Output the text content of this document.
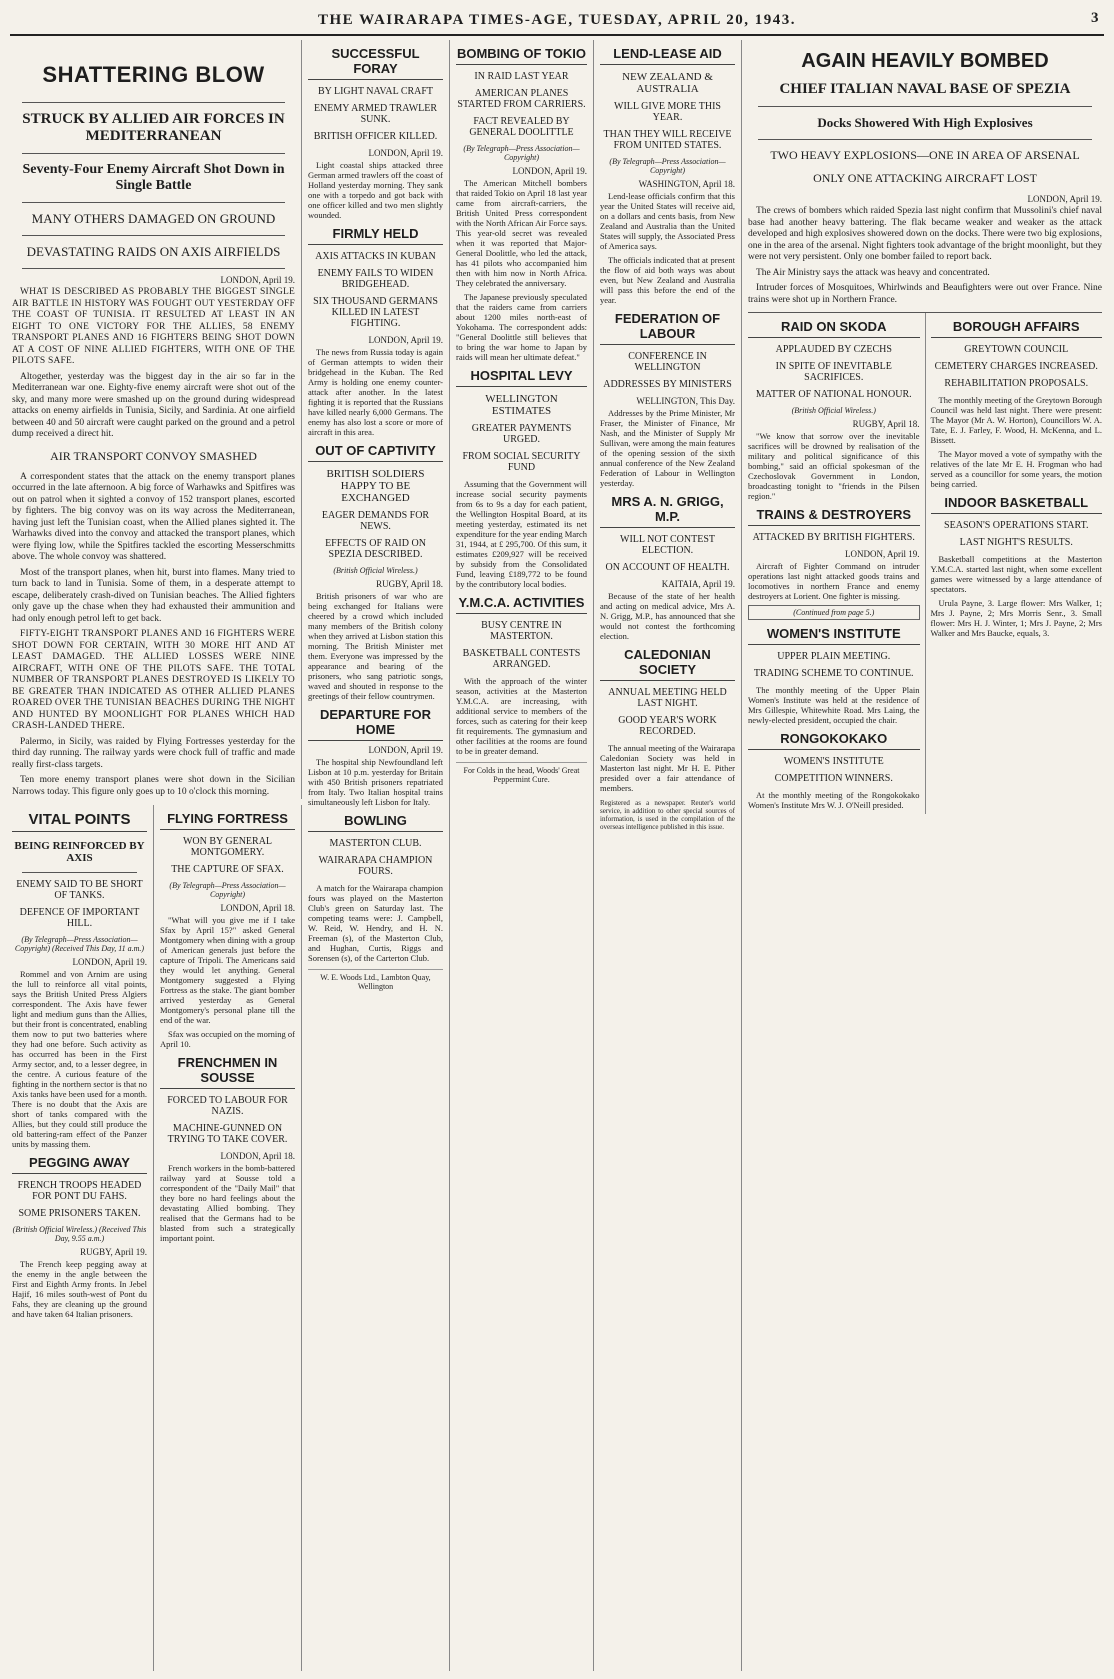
THE WAIRARAPA TIMES-AGE, TUESDAY, APRIL 20, 1943.	3
SHATTERING BLOW
STRUCK BY ALLIED AIR FORCES IN MEDITERRANEAN
Seventy-Four Enemy Aircraft Shot Down in Single Battle
MANY OTHERS DAMAGED ON GROUND
DEVASTATING RAIDS ON AXIS AIRFIELDS
LONDON, April 19.

WHAT IS DESCRIBED AS PROBABLY THE BIGGEST SINGLE AIR BATTLE IN HISTORY WAS FOUGHT OUT YESTERDAY OFF THE COAST OF TUNISIA. IT RESULTED AT LEAST IN AN EIGHT TO ONE VICTORY FOR THE ALLIES, 58 ENEMY TRANSPORT PLANES AND 16 FIGHTERS BEING SHOT DOWN AT A COST OF NINE ALLIED FIGHTERS, WITH ONE OF THE PILOTS SAFE.

Altogether, yesterday was the biggest day in the air so far in the Mediterranean war one. Eighty-five enemy aircraft were shot out of the sky, and many more were smashed up on the ground during widespread attacks on enemy airfields in Tunisia, Sicily, and Sardinia. At one airfield between 40 and 50 aircraft were caught parked on the ground and a petrol dump received a direct hit.

AIR TRANSPORT CONVOY SMASHED

A correspondent states that the attack on the enemy transport planes occurred in the late afternoon. A big force of Warhawks and Spitfires was out on patrol when it sighted a convoy of 152 transport planes, escorted by fighters. The big convoy was on its way across the Mediterranean, having just left the Tunisian coast, when the Allied planes sighted it. The Warhawks dived into the convoy and attacked the transport planes, which were flying low, while the Spitfires tackled the escorting Messerschmitts above. The whole convoy was shattered.

Most of the transport planes, when hit, burst into flames. Many tried to turn back to land in Tunisia. Some of them, in a desperate attempt to escape, deliberately crash-dived on Tunisian beaches. The Allied fighters only gave up the chase when they had exhausted their ammunition and had only enough petrol left to get back.

FIFTY-EIGHT TRANSPORT PLANES AND 16 FIGHTERS WERE SHOT DOWN FOR CERTAIN, WITH 30 MORE HIT AND AT LEAST DAMAGED. THE ALLIED LOSSES WERE NINE AIRCRAFT, WITH ONE OF THE PILOTS SAFE. THE TOTAL NUMBER OF TRANSPORT PLANES DESTROYED IS LIKELY TO BE GREATER THAN INDICATED AS OTHER ALLIED PLANES ROARED OVER THE TUNISIAN BEACHES DURING THE NIGHT AND HUNTED BY MOONLIGHT FOR PLANES WHICH HAD CRASH-LANDED THERE.

Palermo, in Sicily, was raided by Flying Fortresses yesterday for the third day running. The railway yards were chock full of traffic and made really first-class targets.

Ten more enemy transport planes were shot down in the Sicilian Narrows today. This figure only goes up to 10 o'clock this morning.

VITAL POINTS
BEING REINFORCED BY AXIS
ENEMY SAID TO BE SHORT OF TANKS.
DEFENCE OF IMPORTANT HILL.
(By Telegraph—Press Association—Copyright) (Received This Day, 11 a.m.)
LONDON, April 19.

Rommel and von Arnim are using the lull to reinforce all vital points, says the British United Press Algiers correspondent. The Axis have fewer light and medium guns than the Allies, but their front is concentrated, enabling them now to put two batteries where they had one before. Such activity as has occurred has been in the First Army sector, and, to a lesser degree, in the centre. A curious feature of the fighting in the northern sector is that no Axis tanks have been used for a month. There is no doubt that the Axis are short of tanks compared with the Allies, but they could still produce the old battering-ram effect of the Panzer units by massing them.

PEGGING AWAY
FRENCH TROOPS HEADED FOR PONT DU FAHS.
SOME PRISONERS TAKEN.
(British Official Wireless.) (Received This Day, 9.55 a.m.)
RUGBY, April 19.

The French keep pegging away at the enemy in the angle between the First and Eighth Army fronts. In Jebel Hajif, 16 miles south-west of Pont du Fahs, they are cleaning up the ground and have taken 64 Italian prisoners.

FLYING FORTRESS
WON BY GENERAL MONTGOMERY.
THE CAPTURE OF SFAX.
(By Telegraph—Press Association—Copyright)
LONDON, April 18.

"What will you give me if I take Sfax by April 15?" asked General Montgomery when dining with a group of American generals just before the capture of Tripoli. The Americans said they would let anything. General Montgomery suggested a Flying Fortress as the stake. The giant bomber arrived yesterday as General Montgomery's personal plane till the end of the war.

Sfax was occupied on the morning of April 10.

FRENCHMEN IN SOUSSE
FORCED TO LABOUR FOR NAZIS.
MACHINE-GUNNED ON TRYING TO TAKE COVER.
LONDON, April 18.

French workers in the bomb-battered railway yard at Sousse told a correspondent of the "Daily Mail" that they bore no hard feelings about the devastating Allied bombing. They realised that the Germans had to be blasted from such a strategically important point.

SUCCESSFUL FORAY
BY LIGHT NAVAL CRAFT
ENEMY ARMED TRAWLER SUNK.
BRITISH OFFICER KILLED.
LONDON, April 19.

Light coastal ships attacked three German armed trawlers off the coast of Holland yesterday morning. They sank one with a torpedo and got back with one officer killed and two men slightly wounded.

FIRMLY HELD
AXIS ATTACKS IN KUBAN
ENEMY FAILS TO WIDEN BRIDGEHEAD.
SIX THOUSAND GERMANS KILLED IN LATEST FIGHTING.
LONDON, April 19.

The news from Russia today is again of German attempts to widen their bridgehead in the Kuban. The Red Army is holding one enemy counter-attack after another. In the latest fighting it is reported that the Russians have killed nearly 6,000 Germans. The enemy has also lost a score or more of aircraft in this area.

OUT OF CAPTIVITY
BRITISH SOLDIERS HAPPY TO BE EXCHANGED
EAGER DEMANDS FOR NEWS.
EFFECTS OF RAID ON SPEZIA DESCRIBED.
(British Official Wireless.)
RUGBY, April 18.

British prisoners of war who are being exchanged for Italians were cheered by a crowd which included many members of the British colony when they arrived at Lisbon station this morning. The British Minister met them. Everyone was impressed by the appearance and bearing of the prisoners, who sang patriotic songs, waved and shouted in response to the greetings of their fellow countrymen.

DEPARTURE FOR HOME
LONDON, April 19.

The hospital ship Newfoundland left Lisbon at 10 p.m. yesterday for Britain with 450 British prisoners repatriated from Italy. Two Italian hospital trains simultaneously left Lisbon for Italy.

BOWLING
MASTERTON CLUB.
WAIRARAPA CHAMPION FOURS.

A match for the Wairarapa champion fours was played on the Masterton Club's green on Saturday last. The competing teams were: J. Campbell, W. Reid, W. Hendry, and H. N. Freeman (s), of the Masterton Club, and Hughan, Curtis, Riggs and Sorensen (s), of the Carterton Club.

W. E. Woods Ltd., Lambton Quay, Wellington
BOMBING OF TOKIO
IN RAID LAST YEAR
AMERICAN PLANES STARTED FROM CARRIERS.
FACT REVEALED BY GENERAL DOOLITTLE
(By Telegraph—Press Association—Copyright)
LONDON, April 19.

The American Mitchell bombers that raided Tokio on April 18 last year came from aircraft-carriers, the British United Press correspondent with the North African Air Force says. This year-old secret was revealed when it was reported that Major-General Doolittle, who led the attack, has 41 pilots who accompanied him then with him now in North Africa. They celebrated the anniversary.

The Japanese previously speculated that the raiders came from carriers about 1200 miles north-east of Yokohama. The correspondent adds: "General Doolittle still believes that to bring the war home to Japan by raids will mean her ultimate defeat."

HOSPITAL LEVY
WELLINGTON ESTIMATES
GREATER PAYMENTS URGED.
FROM SOCIAL SECURITY FUND

Assuming that the Government will increase social security payments from 6s to 9s a day for each patient, the Wellington Hospital Board, at its meeting yesterday, estimated its net expenditure for the year ending March 31, 1944, at £ 295,700. Of this sum, it estimates £209,927 will be received by subsidy from the Consolidated Fund, leaving £189,772 to be found by the contributory local bodies.

Y.M.C.A. ACTIVITIES
BUSY CENTRE IN MASTERTON.
BASKETBALL CONTESTS ARRANGED.

With the approach of the winter season, activities at the Masterton Y.M.C.A. are increasing, with additional service to members of the forces, such as catering for their keep fit requirements. The gymnasium and other facilities at the rooms are found to be in greater demand.

For Colds in the head, Woods' Great Peppermint Cure.
LEND-LEASE AID
NEW ZEALAND & AUSTRALIA
WILL GIVE MORE THIS YEAR.
THAN THEY WILL RECEIVE FROM UNITED STATES.
(By Telegraph—Press Association—Copyright)
WASHINGTON, April 18.

Lend-lease officials confirm that this year the United States will receive aid, on a dollars and cents basis, from New Zealand and Australia than the United States will supply, the Associated Press of America says.

The officials indicated that at present the flow of aid both ways was about even, but New Zealand and Australia will pass this before the end of the year.

FEDERATION OF LABOUR
CONFERENCE IN WELLINGTON
ADDRESSES BY MINISTERS
WELLINGTON, This Day.

Addresses by the Prime Minister, Mr Fraser, the Minister of Finance, Mr Nash, and the Minister of Supply Mr Sullivan, were among the main features of the opening session of the sixth annual conference of the New Zealand Federation of Labour in Wellington yesterday.

MRS A. N. GRIGG, M.P.
WILL NOT CONTEST ELECTION.
ON ACCOUNT OF HEALTH.
KAITAIA, April 19.

Because of the state of her health and acting on medical advice, Mrs A. N. Grigg, M.P., has announced that she would not contest the forthcoming election.

CALEDONIAN SOCIETY
ANNUAL MEETING HELD LAST NIGHT.
GOOD YEAR'S WORK RECORDED.

The annual meeting of the Wairarapa Caledonian Society was held in Masterton last night. Mr H. E. Pither presided over a fair attendance of members.

Registered as a newspaper. Reuter's world service, in addition to other special sources of information, is used in the compilation of the overseas intelligence published in this issue.
AGAIN HEAVILY BOMBED
CHIEF ITALIAN NAVAL BASE OF SPEZIA
Docks Showered With High Explosives
TWO HEAVY EXPLOSIONS—ONE IN AREA OF ARSENAL
ONLY ONE ATTACKING AIRCRAFT LOST
LONDON, April 19.

The crews of bombers which raided Spezia last night confirm that Mussolini's chief naval base had another heavy battering. The flak became weaker and weaker as the attack developed and high explosives showered down on the docks. There were two big explosions, one in the area of the arsenal. Night fighters took advantage of the bright moonlight, but they were not very persistent. Only one bomber failed to report back.

The Air Ministry says the attack was heavy and concentrated.

Intruder forces of Mosquitoes, Whirlwinds and Beaufighters were out over France. Nine trains were shot up in Northern France.

RAID ON SKODA
APPLAUDED BY CZECHS
IN SPITE OF INEVITABLE SACRIFICES.
MATTER OF NATIONAL HONOUR.
(British Official Wireless.)
RUGBY, April 18.

"We know that sorrow over the inevitable sacrifices will be drowned by realisation of the military and political significance of this bombing," said an official spokesman of the Czechoslovak Government in London, broadcasting tonight to "friends in the Pilsen region."

TRAINS & DESTROYERS
ATTACKED BY BRITISH FIGHTERS.
LONDON, April 19.

Aircraft of Fighter Command on intruder operations last night attacked goods trains and locomotives in northern France and enemy destroyers at Lorient. One fighter is missing.

(Continued from page 5.)
WOMEN'S INSTITUTE
UPPER PLAIN MEETING.
TRADING SCHEME TO CONTINUE.

The monthly meeting of the Upper Plain Women's Institute was held at the residence of Mrs Gillespie, Whitewhite Road. Mrs Laing, the newly-elected president, occupied the chair.

RONGOKOKAKO
WOMEN'S INSTITUTE
COMPETITION WINNERS.

At the monthly meeting of the Rongokokako Women's Institute Mrs W. J. O'Neill presided.

BOROUGH AFFAIRS
GREYTOWN COUNCIL
CEMETERY CHARGES INCREASED.
REHABILITATION PROPOSALS.

The monthly meeting of the Greytown Borough Council was held last night. There were present: The Mayor (Mr A. W. Horton), Councillors W. A. Tate, E. J. Farley, F. Wood, H. McKenna, and L. Bissett.

The Mayor moved a vote of sympathy with the relatives of the late Mr E. H. Frogman who had served as a councillor for some years, the motion being carried.

INDOOR BASKETBALL
SEASON'S OPERATIONS START.
LAST NIGHT'S RESULTS.

Basketball competitions at the Masterton Y.M.C.A. started last night, when some excellent games were witnessed by a large attendance of spectators.

Urula Payne, 3. Large flower: Mrs Walker, 1; Mrs J. Payne, 2; Mrs Morris Senr., 3. Small flower: Mrs H. J. Winter, 1; Mrs J. Payne, 2; Mrs Walker and Mrs Baucke, equals, 3.
